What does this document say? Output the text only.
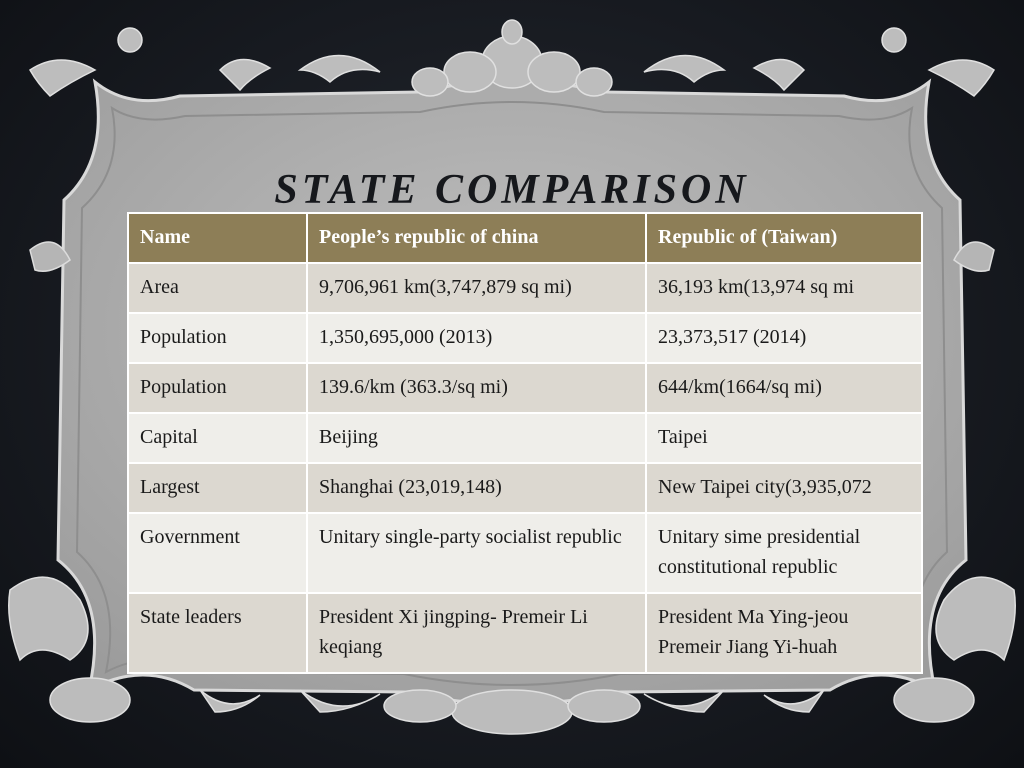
STATE COMPARISON
Name	People’s republic of china	Republic of (Taiwan)
Area	9,706,961 km(3,747,879 sq mi)	36,193 km(13,974 sq mi
Population	1,350,695,000 (2013)	23,373,517 (2014)
Population	139.6/km (363.3/sq mi)	644/km(1664/sq mi)
Capital	Beijing	Taipei
Largest	Shanghai (23,019,148)	New Taipei city(3,935,072
Government	Unitary single-party socialist republic	Unitary sime presidential constitutional republic
State leaders	President Xi jingping- Premeir Li keqiang	President Ma Ying-jeou Premeir Jiang Yi-huah
